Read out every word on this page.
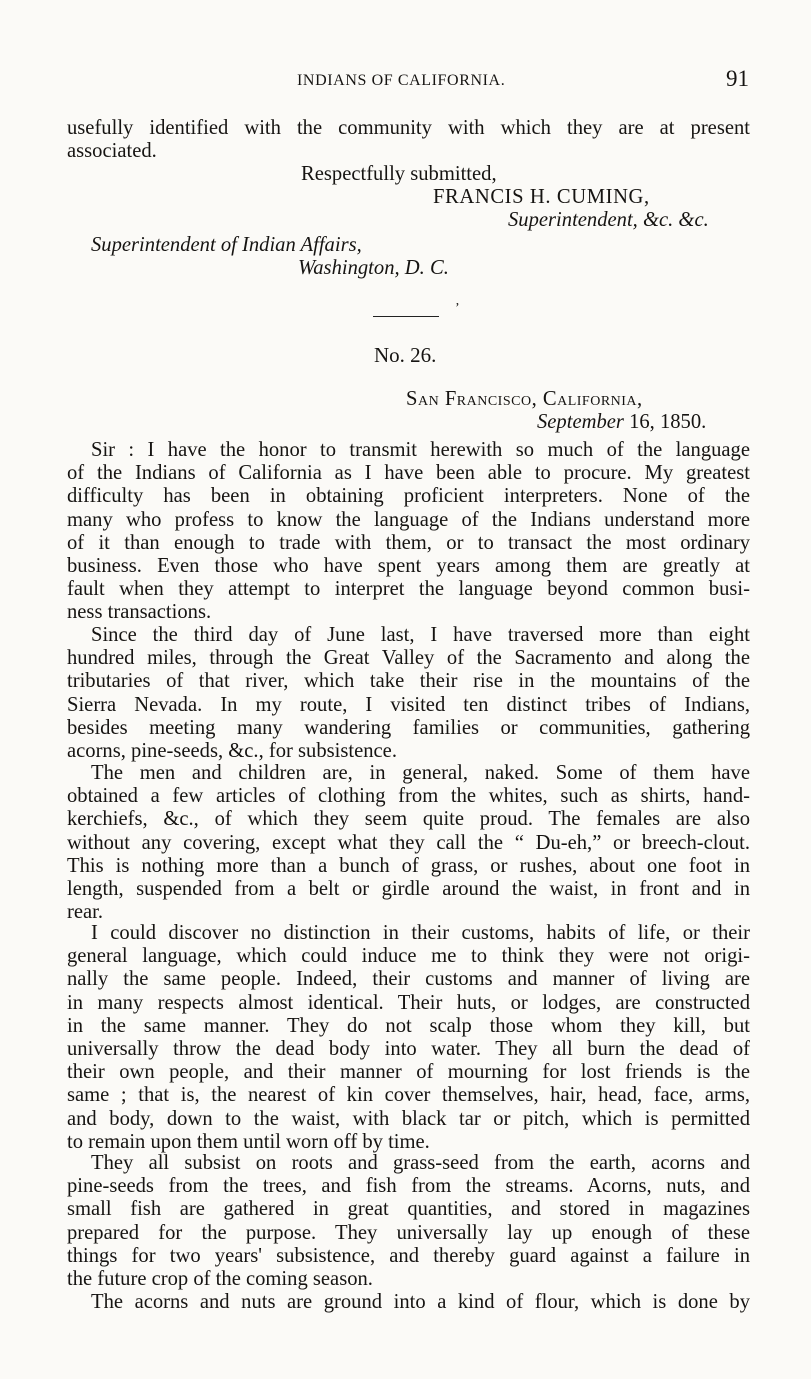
INDIANS OF CALIFORNIA.	91
usefully identified with the community with which they are at present
associated.
Respectfully submitted,
FRANCIS H. CUMING,
Superintendent, &c. &c.
Superintendent of Indian Affairs,
Washington, D. C.
’
No. 26.
San Francisco, California,
September 16, 1850.
Sir : I have the honor to transmit herewith so much of the language
of the Indians of California as I have been able to procure. My greatest
difficulty has been in obtaining proficient interpreters. None of the
many who profess to know the language of the Indians understand more
of it than enough to trade with them, or to transact the most ordinary
business. Even those who have spent years among them are greatly at
fault when they attempt to interpret the language beyond common busi-
ness transactions.
Since the third day of June last, I have traversed more than eight
hundred miles, through the Great Valley of the Sacramento and along the
tributaries of that river, which take their rise in the mountains of the
Sierra Nevada. In my route, I visited ten distinct tribes of Indians,
besides meeting many wandering families or communities, gathering
acorns, pine-seeds, &c., for subsistence.
The men and children are, in general, naked. Some of them have
obtained a few articles of clothing from the whites, such as shirts, hand-
kerchiefs, &c., of which they seem quite proud. The females are also
without any covering, except what they call the “ Du-eh,” or breech-clout.
This is nothing more than a bunch of grass, or rushes, about one foot in
length, suspended from a belt or girdle around the waist, in front and in
rear.
I could discover no distinction in their customs, habits of life, or their
general language, which could induce me to think they were not origi-
nally the same people. Indeed, their customs and manner of living are
in many respects almost identical. Their huts, or lodges, are constructed
in the same manner. They do not scalp those whom they kill, but
universally throw the dead body into water. They all burn the dead of
their own people, and their manner of mourning for lost friends is the
same ; that is, the nearest of kin cover themselves, hair, head, face, arms,
and body, down to the waist, with black tar or pitch, which is permitted
to remain upon them until worn off by time.
They all subsist on roots and grass-seed from the earth, acorns and
pine-seeds from the trees, and fish from the streams. Acorns, nuts, and
small fish are gathered in great quantities, and stored in magazines
prepared for the purpose. They universally lay up enough of these
things for two years' subsistence, and thereby guard against a failure in
the future crop of the coming season.
The acorns and nuts are ground into a kind of flour, which is done by
